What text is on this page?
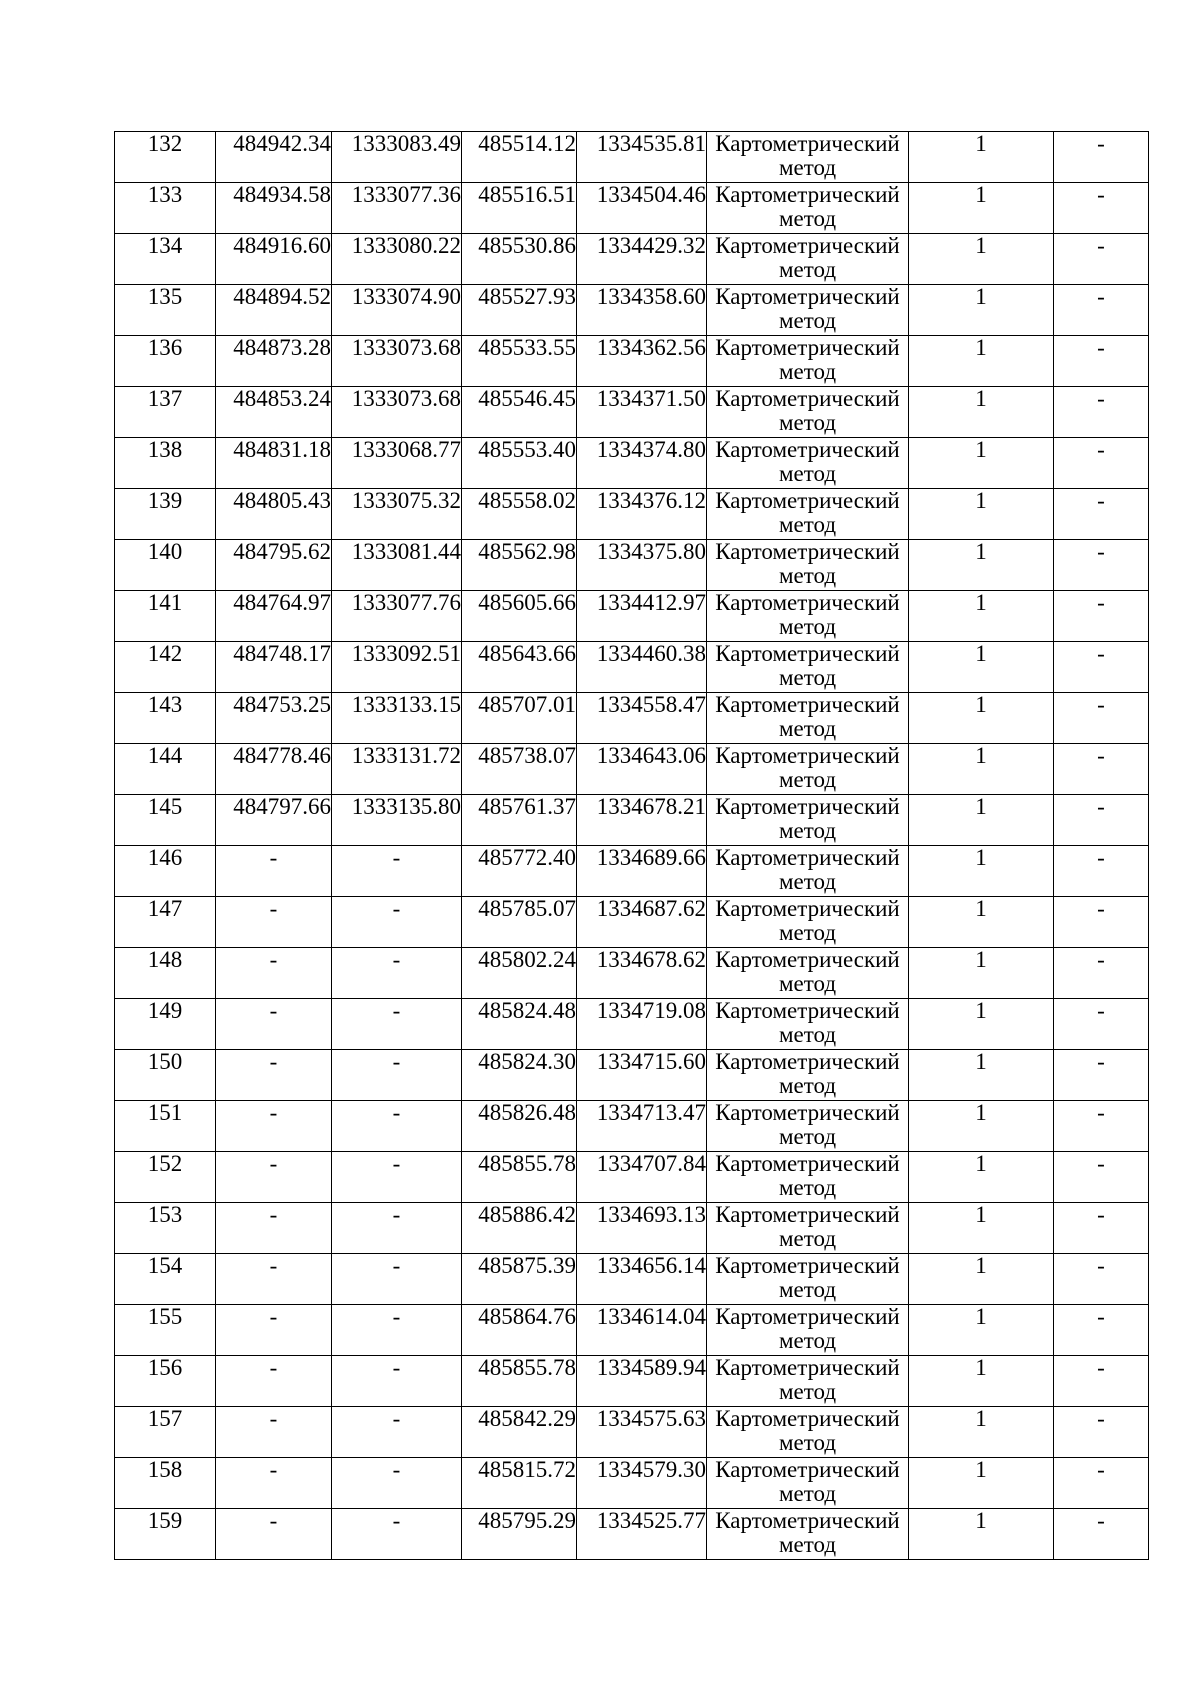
132	484942.34	1333083.49	485514.12	1334535.81	Картометрический
метод	1	-
133	484934.58	1333077.36	485516.51	1334504.46	Картометрический
метод	1	-
134	484916.60	1333080.22	485530.86	1334429.32	Картометрический
метод	1	-
135	484894.52	1333074.90	485527.93	1334358.60	Картометрический
метод	1	-
136	484873.28	1333073.68	485533.55	1334362.56	Картометрический
метод	1	-
137	484853.24	1333073.68	485546.45	1334371.50	Картометрический
метод	1	-
138	484831.18	1333068.77	485553.40	1334374.80	Картометрический
метод	1	-
139	484805.43	1333075.32	485558.02	1334376.12	Картометрический
метод	1	-
140	484795.62	1333081.44	485562.98	1334375.80	Картометрический
метод	1	-
141	484764.97	1333077.76	485605.66	1334412.97	Картометрический
метод	1	-
142	484748.17	1333092.51	485643.66	1334460.38	Картометрический
метод	1	-
143	484753.25	1333133.15	485707.01	1334558.47	Картометрический
метод	1	-
144	484778.46	1333131.72	485738.07	1334643.06	Картометрический
метод	1	-
145	484797.66	1333135.80	485761.37	1334678.21	Картометрический
метод	1	-
146	-	-	485772.40	1334689.66	Картометрический
метод	1	-
147	-	-	485785.07	1334687.62	Картометрический
метод	1	-
148	-	-	485802.24	1334678.62	Картометрический
метод	1	-
149	-	-	485824.48	1334719.08	Картометрический
метод	1	-
150	-	-	485824.30	1334715.60	Картометрический
метод	1	-
151	-	-	485826.48	1334713.47	Картометрический
метод	1	-
152	-	-	485855.78	1334707.84	Картометрический
метод	1	-
153	-	-	485886.42	1334693.13	Картометрический
метод	1	-
154	-	-	485875.39	1334656.14	Картометрический
метод	1	-
155	-	-	485864.76	1334614.04	Картометрический
метод	1	-
156	-	-	485855.78	1334589.94	Картометрический
метод	1	-
157	-	-	485842.29	1334575.63	Картометрический
метод	1	-
158	-	-	485815.72	1334579.30	Картометрический
метод	1	-
159	-	-	485795.29	1334525.77	Картометрический
метод	1	-
